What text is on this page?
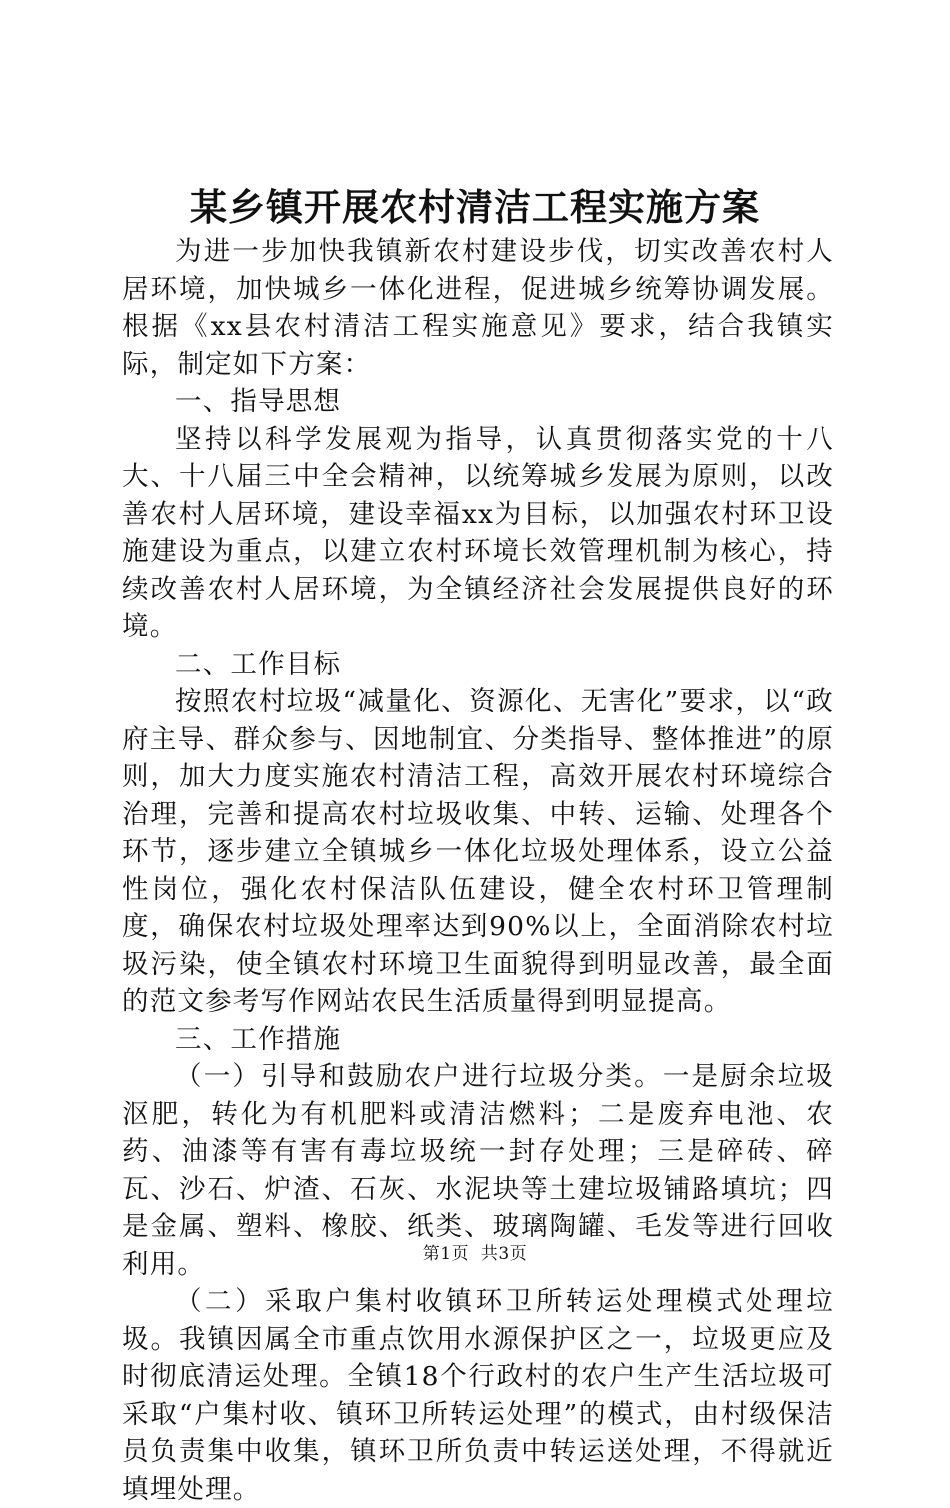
某乡镇开展农村清洁工程实施方案

为进一步加快我镇新农村建设步伐，切实改善农村人居环境，加快城乡一体化进程，促进城乡统筹协调发展。根据《xx县农村清洁工程实施意见》要求，结合我镇实际，制定如下方案：

一、指导思想

坚持以科学发展观为指导，认真贯彻落实党的十八大、十八届三中全会精神，以统筹城乡发展为原则，以改善农村人居环境，建设幸福xx为目标，以加强农村环卫设施建设为重点，以建立农村环境长效管理机制为核心，持续改善农村人居环境，为全镇经济社会发展提供良好的环境。

二、工作目标

按照农村垃圾“减量化、资源化、无害化”要求，以“政府主导、群众参与、因地制宜、分类指导、整体推进”的原则，加大力度实施农村清洁工程，高效开展农村环境综合治理，完善和提高农村垃圾收集、中转、运输、处理各个环节，逐步建立全镇城乡一体化垃圾处理体系，设立公益性岗位，强化农村保洁队伍建设，健全农村环卫管理制度，确保农村垃圾处理率达到90%以上，全面消除农村垃圾污染，使全镇农村环境卫生面貌得到明显改善，最全面的范文参考写作网站农民生活质量得到明显提高。

三、工作措施

（一）引导和鼓励农户进行垃圾分类。一是厨余垃圾沤肥，转化为有机肥料或清洁燃料；二是废弃电池、农药、油漆等有害有毒垃圾统一封存处理；三是碎砖、碎瓦、沙石、炉渣、石灰、水泥块等土建垃圾铺路填坑；四是金属、塑料、橡胶、纸类、玻璃陶罐、毛发等进行回收利用。

（二）采取户集村收镇环卫所转运处理模式处理垃圾。我镇因属全市重点饮用水源保护区之一，垃圾更应及时彻底清运处理。全镇18个行政村的农户生产生活垃圾可采取“户集村收、镇环卫所转运处理”的模式，由村级保洁员负责集中收集，镇环卫所负责中转运送处理，不得就近填埋处理。

第1页 共3页
